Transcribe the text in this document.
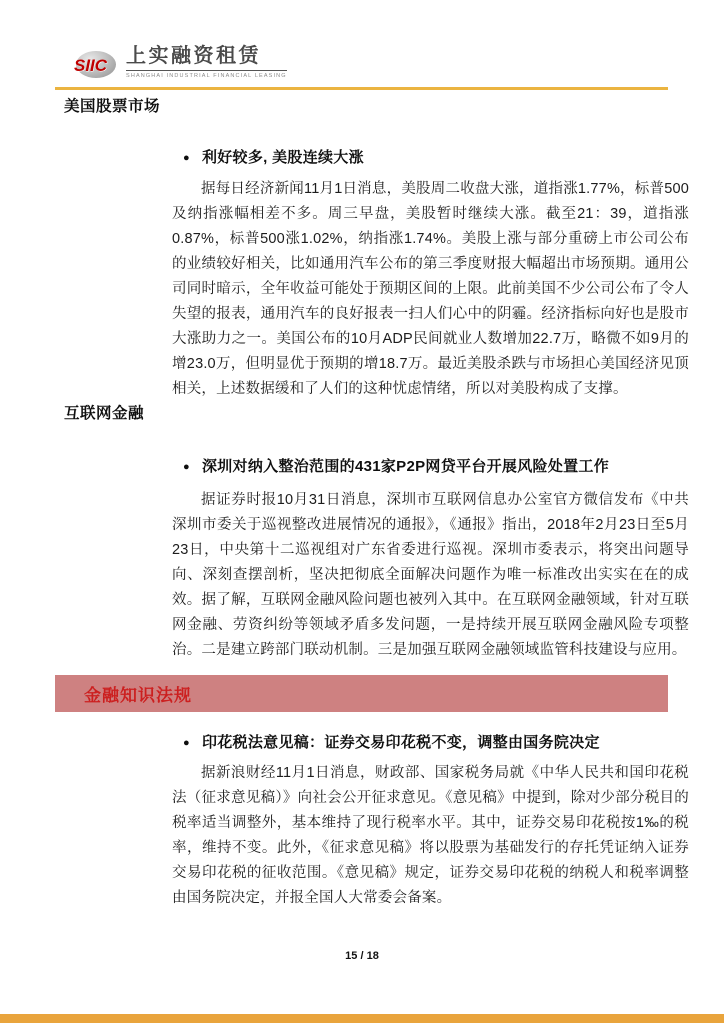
SIIC 上实融资租赁
SHANGHAI INDUSTRIAL FINANCIAL LEASING
美国股票市场
● 利好较多, 美股连续大涨
据每日经济新闻11月1日消息，美股周二收盘大涨，道指涨1.77%，标普500及纳指涨幅相差不多。周三早盘，美股暂时继续大涨。截至21：39，道指涨0.87%，标普500涨1.02%，纳指涨1.74%。美股上涨与部分重磅上市公司公布的业绩较好相关，比如通用汽车公布的第三季度财报大幅超出市场预期。通用公司同时暗示，全年收益可能处于预期区间的上限。此前美国不少公司公布了令人失望的报表，通用汽车的良好报表一扫人们心中的阴霾。经济指标向好也是股市大涨助力之一。美国公布的10月ADP民间就业人数增加22.7万，略微不如9月的增23.0万，但明显优于预期的增18.7万。最近美股杀跌与市场担心美国经济见顶相关，上述数据缓和了人们的这种忧虑情绪，所以对美股构成了支撑。
互联网金融
● 深圳对纳入整治范围的431家P2P网贷平台开展风险处置工作
据证券时报10月31日消息，深圳市互联网信息办公室官方微信发布《中共深圳市委关于巡视整改进展情况的通报》，《通报》指出，2018年2月23日至5月23日，中央第十二巡视组对广东省委进行巡视。深圳市委表示，将突出问题导向、深刻查摆剖析，坚决把彻底全面解决问题作为唯一标准改出实实在在的成效。据了解，互联网金融风险问题也被列入其中。在互联网金融领域，针对互联网金融、劳资纠纷等领域矛盾多发问题，一是持续开展互联网金融风险专项整治。二是建立跨部门联动机制。三是加强互联网金融领域监管科技建设与应用。
金融知识法规
● 印花税法意见稿：证券交易印花税不变，调整由国务院决定
据新浪财经11月1日消息，财政部、国家税务局就《中华人民共和国印花税法（征求意见稿）》向社会公开征求意见。《意见稿》中提到，除对少部分税目的税率适当调整外，基本维持了现行税率水平。其中，证券交易印花税按1‰的税率，维持不变。此外，《征求意见稿》将以股票为基础发行的存托凭证纳入证券交易印花税的征收范围。《意见稿》规定，证券交易印花税的纳税人和税率调整由国务院决定，并报全国人大常委会备案。
15 / 18
